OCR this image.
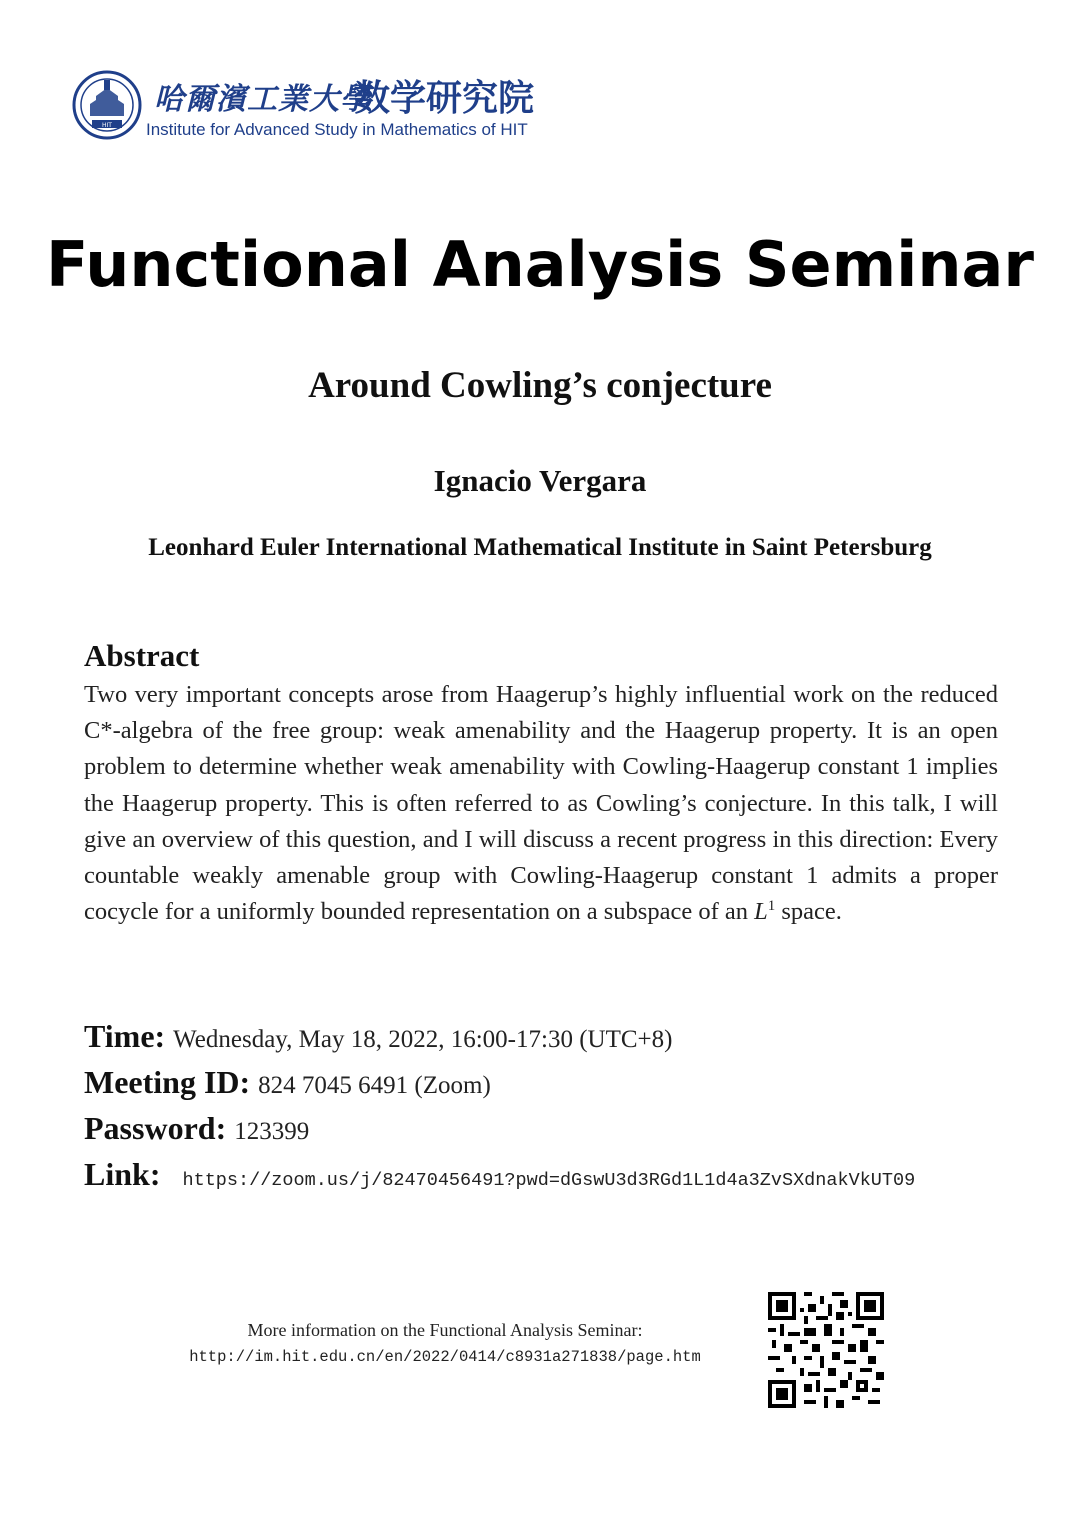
HIT
哈爾濱工業大學
数学研究院
Institute for Advanced Study in Mathematics of HIT
Functional Analysis Seminar
Around Cowling’s conjecture
Ignacio Vergara
Leonhard Euler International Mathematical Institute in Saint Petersburg
Abstract
Two very important concepts arose from Haagerup’s highly influential work on the reduced C*-algebra of the free group: weak amenability and the Haagerup property. It is an open problem to determine whether weak amenability with Cowling-Haagerup constant 1 implies the Haagerup property. This is often referred to as Cowling’s conjecture. In this talk, I will give an overview of this question, and I will discuss a recent progress in this direction: Every countable weakly amenable group with Cowling-Haagerup constant 1 admits a proper cocycle for a uniformly bounded representation on a subspace of an $L^1$ space.
Time: Wednesday, May 18, 2022, 16:00-17:30 (UTC+8)
Meeting ID: 824 7045 6491 (Zoom)
Password: 123399
Link: https://zoom.us/j/82470456491?pwd=dGswU3d3RGd1L1d4a3ZvSXdnakVkUT09
More information on the Functional Analysis Seminar:
http://im.hit.edu.cn/en/2022/0414/c8931a271838/page.htm
